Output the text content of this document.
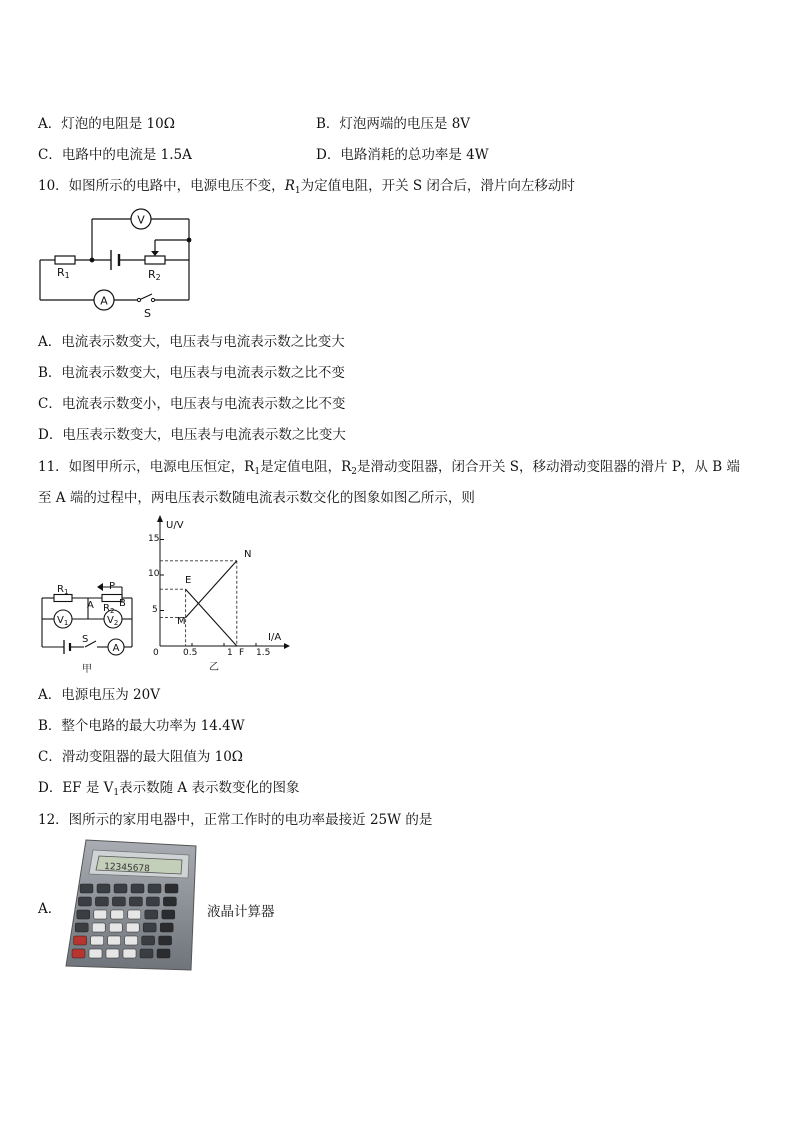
A．灯泡的电阻是 10Ω	B．灯泡两端的电压是 8V
C．电路中的电流是 1.5A	D．电路消耗的总功率是 4W
10．如图所示的电路中，电源电压不变，$R_1$为定值电阻，开关 S 闭合后，滑片向左移动时
V
A
R1	R2
S
A．电流表示数变大，电压表与电流表示数之比变大
B．电流表示数变大，电压表与电流表示数之比不变
C．电流表示数变小，电压表与电流表示数之比不变
D．电压表示数变大，电压表与电流表示数之比变大
11．如图甲所示，电源电压恒定，$R_1$是定值电阻，$R_2$是滑动变阻器，闭合开关 S，移动滑动变阻器的滑片 P，从 B 端
至 A 端的过程中，两电压表示数随电流表示数交化的图象如图乙所示，则
$V_1$	$V_2$
A
$R_1$
$R_2$
P
A	B
S
甲
U/V
I/A
0
15
10
5
0.5	1	1.5
N
E
M
F
乙
A．电源电压为 20V
B．整个电路的最大功率为 14.4W
C．滑动变阻器的最大阻值为 10Ω
D．EF 是 $V_1$表示数随 A 表示数变化的图象
12．图所示的家用电器中，正常工作时的电功率最接近 25W 的是
A．
12345678
液晶计算器
